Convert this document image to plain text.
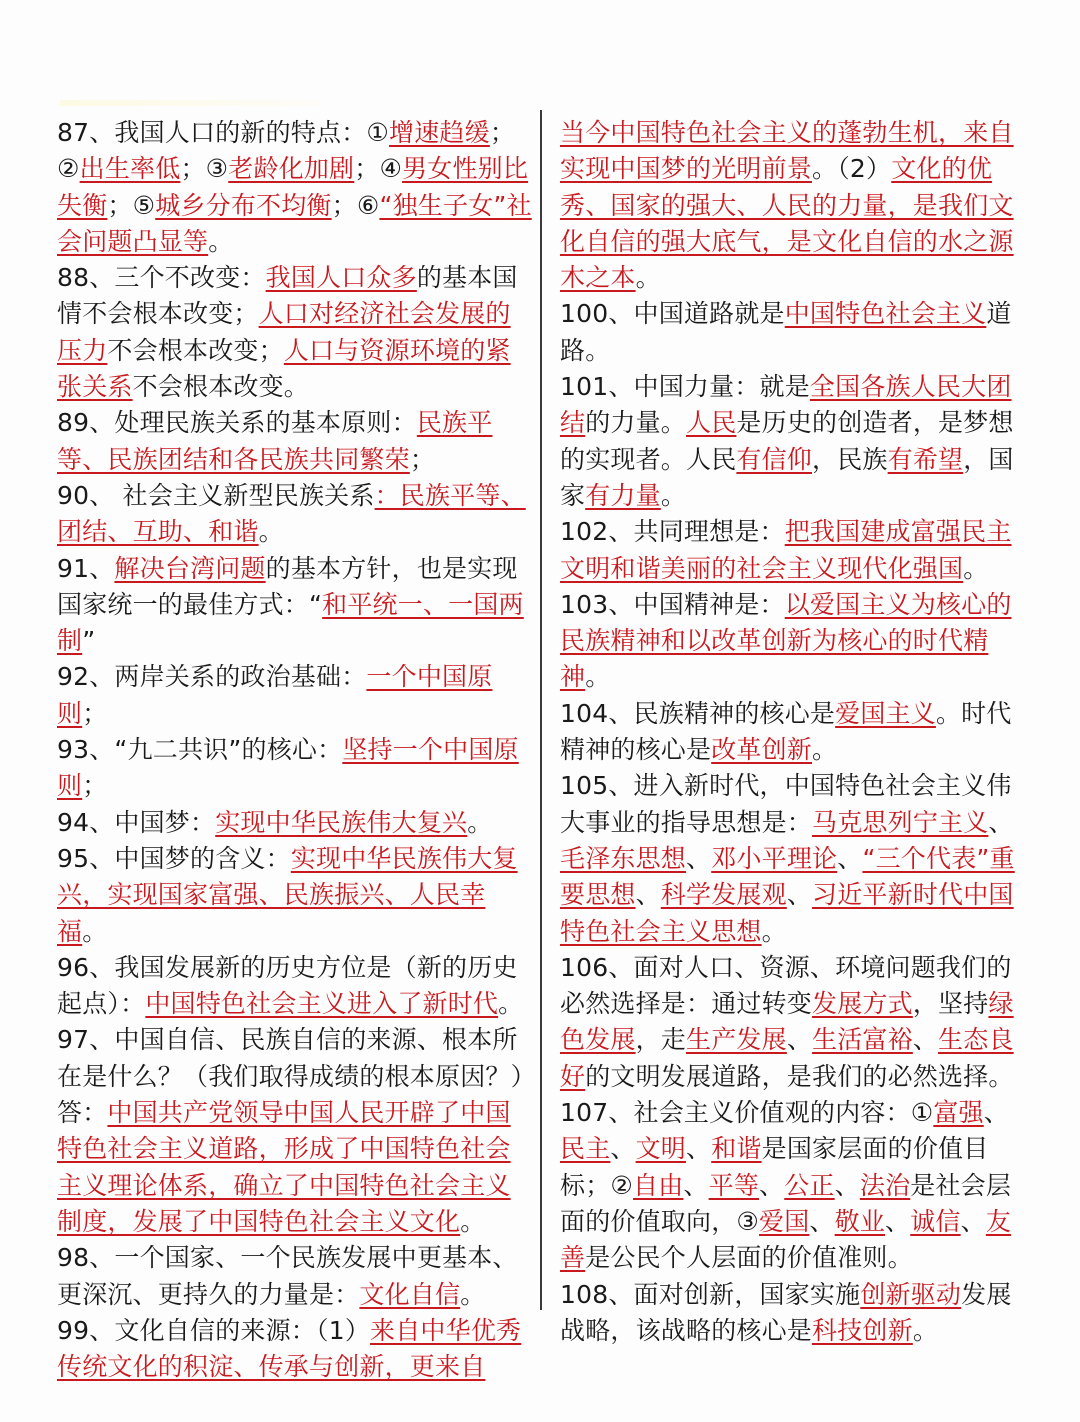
87、我国人口的新的特点：①增速趋缓；②出生率低；③老龄化加剧；④男女性别比失衡；⑤城乡分布不均衡；⑥“独生子女”社会问题凸显等。

88、三个不改变：我国人口众多的基本国情不会根本改变；人口对经济社会发展的压力不会根本改变；人口与资源环境的紧张关系不会根本改变。

89、处理民族关系的基本原则：民族平等、民族团结和各民族共同繁荣；

90、 社会主义新型民族关系：民族平等、团结、互助、和谐。

91、解决台湾问题的基本方针，也是实现国家统一的最佳方式：“和平统一、一国两制”

92、两岸关系的政治基础：一个中国原则；

93、“九二共识”的核心：坚持一个中国原则；

94、中国梦：实现中华民族伟大复兴。

95、中国梦的含义：实现中华民族伟大复兴，实现国家富强、民族振兴、人民幸福。

96、我国发展新的历史方位是（新的历史起点）：中国特色社会主义进入了新时代。

97、中国自信、民族自信的来源、根本所在是什么？（我们取得成绩的根本原因？）答：中国共产党领导中国人民开辟了中国特色社会主义道路，形成了中国特色社会主义理论体系，确立了中国特色社会主义制度，发展了中国特色社会主义文化。

98、一个国家、一个民族发展中更基本、更深沉、更持久的力量是：文化自信。

99、文化自信的来源：（1）来自中华优秀传统文化的积淀、传承与创新，更来自

当今中国特色社会主义的蓬勃生机，来自实现中国梦的光明前景。（2）文化的优秀、国家的强大、人民的力量，是我们文化自信的强大底气，是文化自信的水之源木之本。

100、中国道路就是中国特色社会主义道路。

101、中国力量：就是全国各族人民大团结的力量。人民是历史的创造者，是梦想的实现者。人民有信仰，民族有希望，国家有力量。

102、共同理想是：把我国建成富强民主文明和谐美丽的社会主义现代化强国。

103、中国精神是：以爱国主义为核心的民族精神和以改革创新为核心的时代精神。

104、民族精神的核心是爱国主义。时代精神的核心是改革创新。

105、进入新时代，中国特色社会主义伟大事业的指导思想是：马克思列宁主义、毛泽东思想、邓小平理论、“三个代表”重要思想、科学发展观、习近平新时代中国特色社会主义思想。

106、面对人口、资源、环境问题我们的必然选择是：通过转变发展方式，坚持绿色发展，走生产发展、生活富裕、生态良好的文明发展道路，是我们的必然选择。

107、社会主义价值观的内容：①富强、民主、文明、和谐是国家层面的价值目标；②自由、平等、公正、法治是社会层面的价值取向，③爱国、敬业、诚信、友善是公民个人层面的价值准则。

108、面对创新，国家实施创新驱动发展战略，该战略的核心是科技创新。
